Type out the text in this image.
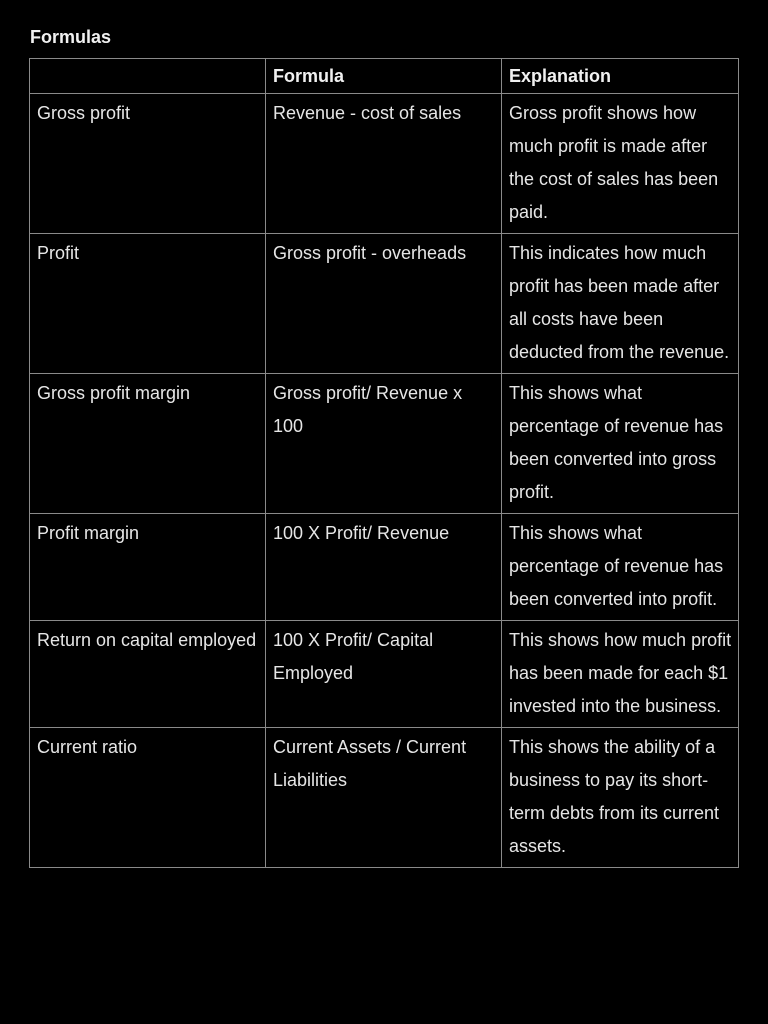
Formulas
	Formula	Explanation
Gross profit	Revenue - cost of sales	Gross profit shows how much profit is made after the cost of sales has been paid.
Profit	Gross profit - overheads	This indicates how much profit has been made after all costs have been deducted from the revenue.
Gross profit margin	Gross profit/ Revenue x 100	This shows what percentage of revenue has been converted into gross profit.
Profit margin	100 X Profit/ Revenue	This shows what percentage of revenue has been converted into profit.
Return on capital employed	100 X Profit/ Capital Employed	This shows how much profit has been made for each $1 invested into the business.
Current ratio	Current Assets / Current Liabilities	This shows the ability of a business to pay its short-term debts from its current assets.
